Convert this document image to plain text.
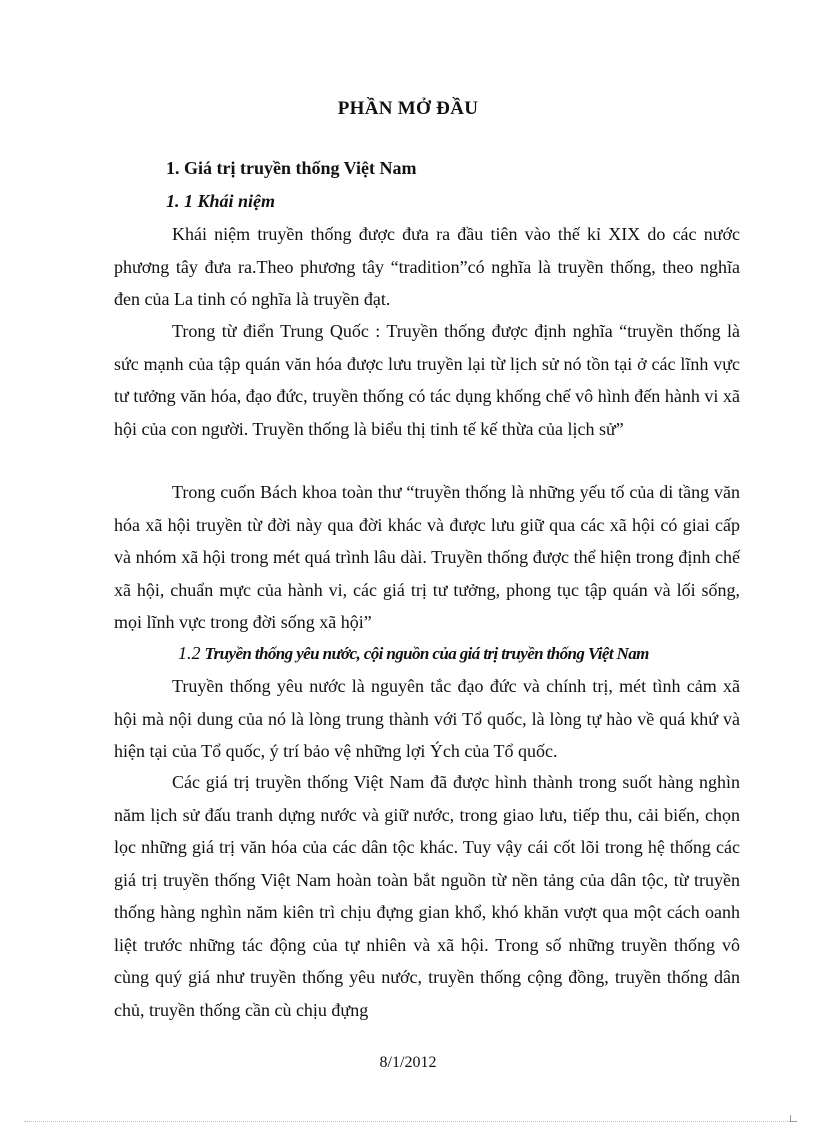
PHẦN MỞ ĐẦU
1. Giá trị truyền thống Việt Nam
1. 1 Khái niệm

Khái niệm truyền thống được đưa ra đầu tiên vào thế kỉ XIX do các nước phương tây đưa ra.Theo phương tây “tradition”có nghĩa là truyền thống, theo nghĩa đen của La tinh có nghĩa là truyền đạt.

Trong từ điển Trung Quốc : Truyền thống được định nghĩa “truyền thống là sức mạnh của tập quán văn hóa được lưu truyền lại từ lịch sử nó tồn tại ở các lĩnh vực tư tưởng văn hóa, đạo đức, truyền thống có tác dụng khống chế vô hình đến hành vi xã hội của con người. Truyền thống là biểu thị tinh tế kế thừa của lịch sử”

Trong cuốn Bách khoa toàn thư “truyền thống là những yếu tố của di tầng văn hóa xã hội truyền từ đời này qua đời khác và được lưu giữ qua các xã hội có giai cấp và nhóm xã hội trong mét quá trình lâu dài. Truyền thống được thể hiện trong định chế xã hội, chuẩn mực của hành vi, các giá trị tư tưởng, phong tục tập quán và lối sống, mọi lĩnh vực trong đời sống xã hội”

1.2 Truyền thống yêu nước, cội nguồn của giá trị truyền thống Việt Nam

Truyền thống yêu nước là nguyên tắc đạo đức và chính trị, mét tình cảm xã hội mà nội dung của nó là lòng trung thành với Tổ quốc, là lòng tự hào về quá khứ và hiện tại của Tổ quốc, ý trí bảo vệ những lợi Ých của Tổ quốc.

Các giá trị truyền thống Việt Nam đã được hình thành trong suốt hàng nghìn năm lịch sử đấu tranh dựng nước và giữ nước, trong giao lưu, tiếp thu, cải biến, chọn lọc những giá trị văn hóa của các dân tộc khác. Tuy vậy cái cốt lõi trong hệ thống các giá trị truyền thống Việt Nam hoàn toàn bắt nguồn từ nền tảng của dân tộc, từ truyền thống hàng nghìn năm kiên trì chịu đựng gian khổ, khó khăn vượt qua một cách oanh liệt trước những tác động của tự nhiên và xã hội. Trong số những truyền thống vô cùng quý giá như truyền thống yêu nước, truyền thống cộng đồng, truyền thống dân chủ, truyền thống cần cù chịu đựng

8/1/2012
